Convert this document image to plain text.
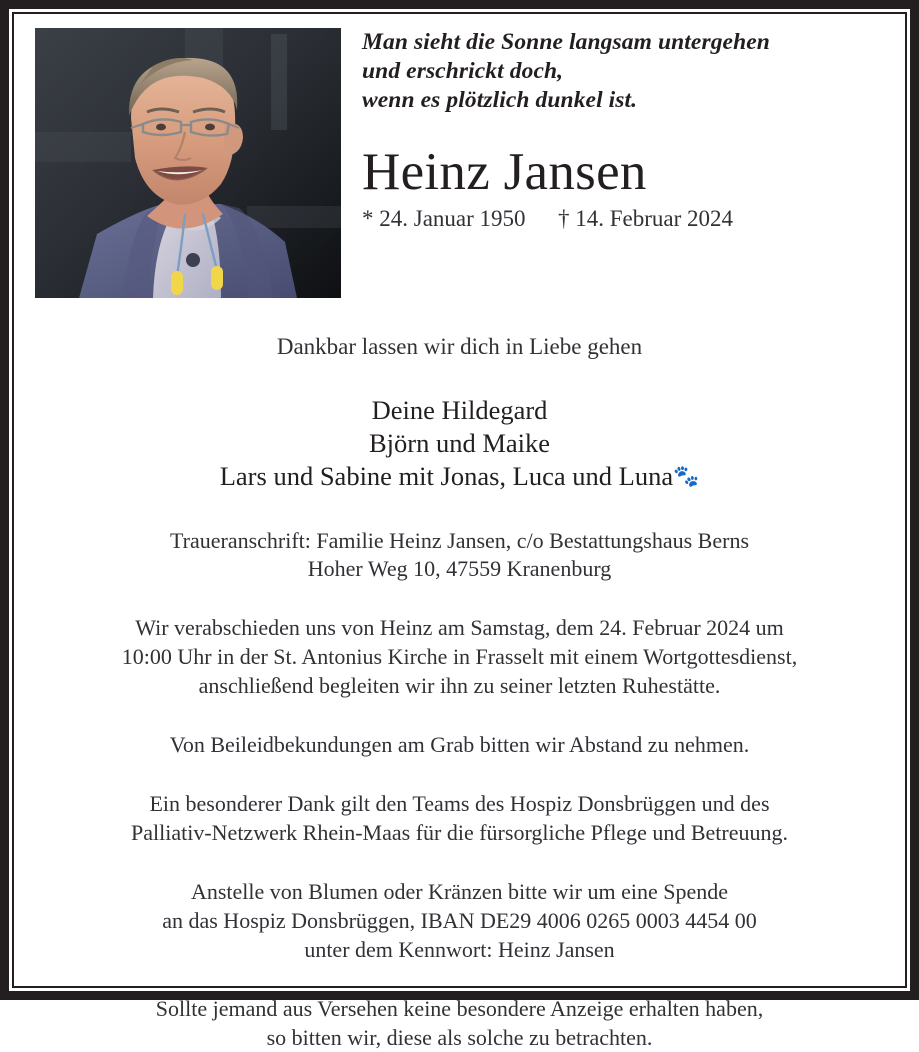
Man sieht die Sonne langsam untergehen
und erschrickt doch,
wenn es plötzlich dunkel ist.
Heinz Jansen
* 24. Januar 1950	† 14. Februar 2024
Dankbar lassen wir dich in Liebe gehen
Deine Hildegard
Björn und Maike
Lars und Sabine mit Jonas, Luca und Luna🐾
Traueranschrift: Familie Heinz Jansen, c/o Bestattungshaus Berns
Hoher Weg 10, 47559 Kranenburg
Wir verabschieden uns von Heinz am Samstag, dem 24. Februar 2024 um
10:00 Uhr in der St. Antonius Kirche in Frasselt mit einem Wortgottesdienst,
anschließend begleiten wir ihn zu seiner letzten Ruhestätte.
Von Beileidbekundungen am Grab bitten wir Abstand zu nehmen.
Ein besonderer Dank gilt den Teams des Hospiz Donsbrüggen und des
Palliativ-Netzwerk Rhein-Maas für die fürsorgliche Pflege und Betreuung.
Anstelle von Blumen oder Kränzen bitte wir um eine Spende
an das Hospiz Donsbrüggen, IBAN DE29 4006 0265 0003 4454 00
unter dem Kennwort: Heinz Jansen
Sollte jemand aus Versehen keine besondere Anzeige erhalten haben,
so bitten wir, diese als solche zu betrachten.
